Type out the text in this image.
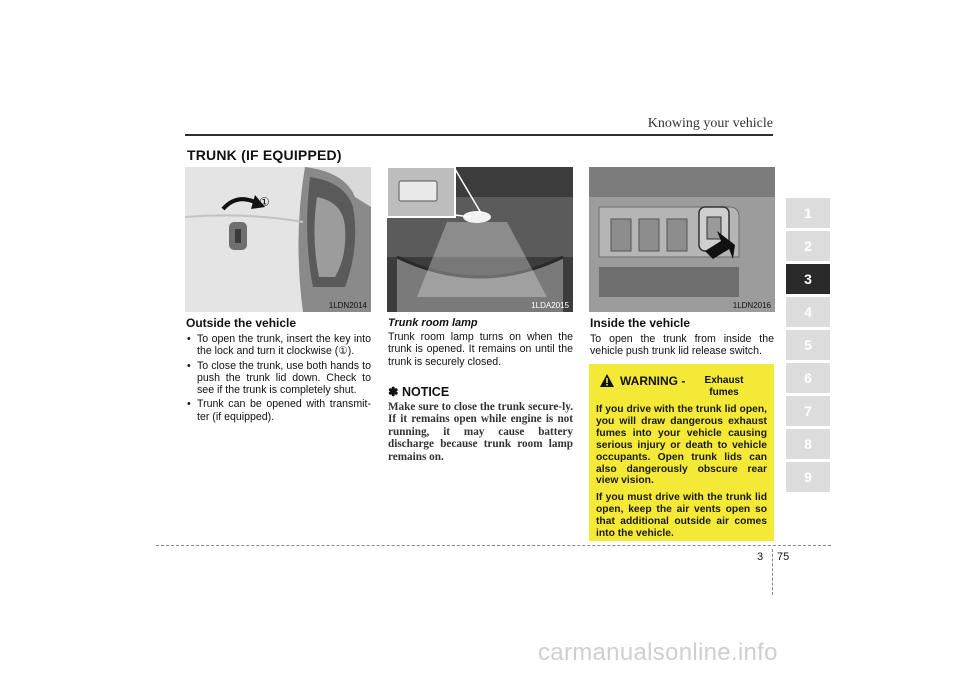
Knowing your vehicle
TRUNK (IF EQUIPPED)
①
1LDN2014	1LDA2015	1LDN2016
Outside the vehicle
• To open the trunk, insert the key into the lock and turn it clockwise (①).
• To close the trunk, use both hands to push the trunk lid down. Check to see if the trunk is completely shut.
• Trunk can be opened with transmit-ter (if equipped).
Trunk room lamp
Trunk room lamp turns on when the trunk is opened. It remains on until the trunk is securely closed.
✽ NOTICE
Make sure to close the trunk secure-ly. If it remains open while engine is not running, it may cause battery discharge because trunk room lamp remains on.
Inside the vehicle
To open the trunk from inside the vehicle push trunk lid release switch.
WARNING -	Exhaust fumes

If you drive with the trunk lid open, you will draw dangerous exhaust fumes into your vehicle causing serious injury or death to vehicle occupants. Open trunk lids can also dangerously obscure rear view vision.

If you must drive with the trunk lid open, keep the air vents open so that additional outside air comes into the vehicle.

1
2
3
4
5
6
7
8
9
3 75
carmanualsonline.info
